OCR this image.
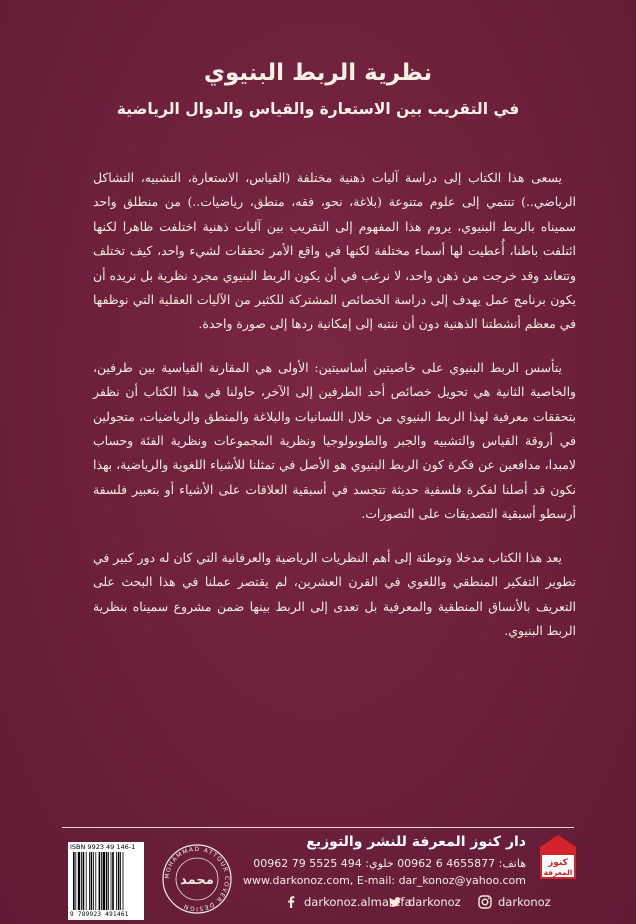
نظرية الربط البنيوي
في التقريب بين الاستعارة والقياس والدوال الرياضية

يسعى هذا الكتاب إلى دراسة آليات ذهنية مختلفة (القياس، الاستعارة، التشبيه، التشاكل الرياضي..) تنتمي إلى علوم متنوعة (بلاغة، نحو، فقه، منطق، رياضيات..) من منطلق واحد سميناه بالربط البنيوي، يروم هذا المفهوم إلى التقريب بين آليات ذهنية اختلفت ظاهرا لكنها ائتلفت باطنا، أُعطيت لها أسماء مختلفة لكنها في واقع الأمر تحققات لشيء واحد، كيف تختلف وتتعاند وقد خرجت من ذهن واحد، لا نرغب في أن يكون الربط البنيوي مجرد نظرية بل نريده أن يكون برنامج عمل يهدف إلى دراسة الخصائص المشتركة للكثير من الآليات العقلية التي نوظفها في معظم أنشطتنا الذهنية دون أن ننتبه إلى إمكانية ردها إلى صورة واحدة.

يتأسس الربط البنيوي على خاصيتين أساسيتين: الأولى هي المقارنة القياسية بين طرفين، والخاصية الثانية هي تحويل خصائص أحد الطرفين إلى الآخر، حاولنا في هذا الكتاب أن نظفر بتحققات معرفية لهذا الربط البنيوي من خلال اللسانيات والبلاغة والمنطق والرياضيات، متجولين في أروقة القياس والتشبيه والجبر والطوبولوجيا ونظرية المجموعات ونظرية الفئة وحساب لامبدا، مدافعين عن فكرة كون الربط البنيوي هو الأصل في تمثلنا للأشياء اللغوية والرياضية، بهذا نكون قد أصلنا لفكرة فلسفية حديثة تتجسد في أسبقية العلاقات على الأشياء أو بتعبير فلسفة أرسطو أسبقية التصديقات على التصورات.

يعد هذا الكتاب مدخلا وتوطئة إلى أهم النظريات الرياضية والعرفانية التي كان له دور كبير في تطوير التفكير المنطقي واللغوي في القرن العشرين، لم يقتصر عملنا في هذا البحث على التعريف بالأنساق المنطقية والمعرفية بل تعدى إلى الربط بينها ضمن مشروع سميناه بنظرية الربط البنيوي.

كنوز
المعرفة
دار كنوز المعرفة للنشر والتوزيع
هاتف: 4655877 6 00962 خلوي: 494 5525 79 00962
www.darkonoz.com, E-mail: dar_konoz@yahoo.com
darkonoz
darkonoz
darkonoz.almarefa
MOHAMMAD ATTOUR COVER DESIGN
محمد
ISBN 9923 49 146-1
9 789923 491461
